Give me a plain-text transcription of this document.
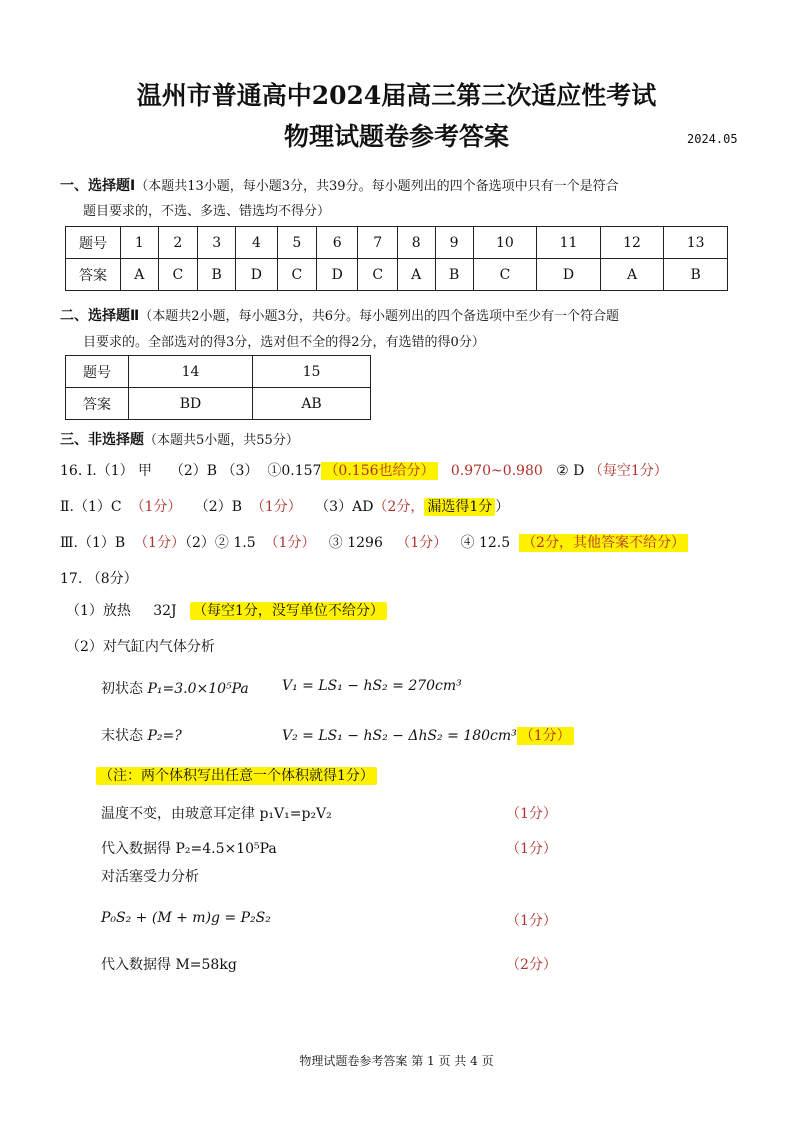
温州市普通高中2024届高三第三次适应性考试
物理试题卷参考答案	2024.05
一、选择题Ⅰ（本题共13小题，每小题3分，共39分。每小题列出的四个备选项中只有一个是符合
题目要求的，不选、多选、错选均不得分）
题号	1	2	3	4	5	6	7	8	9	10	11	12	13
答案	A	C	B	D	C	D	C	A	B	C	D	A	B
二、选择题Ⅱ（本题共2小题，每小题3分，共6分。每小题列出的四个备选项中至少有一个符合题
目要求的。全部选对的得3分，选对但不全的得2分，有选错的得0分）
题号	14	15
答案	BD	AB
三、非选择题（本题共5小题，共55分）
16. Ⅰ.（1） 甲 （2）B （3） ①0.157 （0.156也给分） 0.970~0.980 ② D （每空1分）
Ⅱ.（1）C （1分） （2）B （1分） （3）AD（2分， 漏选得1分 ）
Ⅲ.（1）B （1分）（2）② 1.5 （1分） ③ 1296 （1分） ④ 12.5 （2分，其他答案不给分）
17. （8分）
（1）放热 32J （每空1分，没写单位不给分）
（2）对气缸内气体分析
初状态 P₁=3.0×10⁵Pa V₁ = LS₁ − hS₂ = 270cm³
末状态 P₂=?	V₂ = LS₁ − hS₂ − ΔhS₂ = 180cm³ （1分）
（注：两个体积写出任意一个体积就得1分）
温度不变，由玻意耳定律 p₁V₁=p₂V₂	（1分）
代入数据得 P₂=4.5×10⁵Pa	（1分）
对活塞受力分析
P₀S₂ + (M + m)g = P₂S₂	（1分）
代入数据得 M=58kg	（2分）
物理试题卷参考答案 第 1 页 共 4 页
